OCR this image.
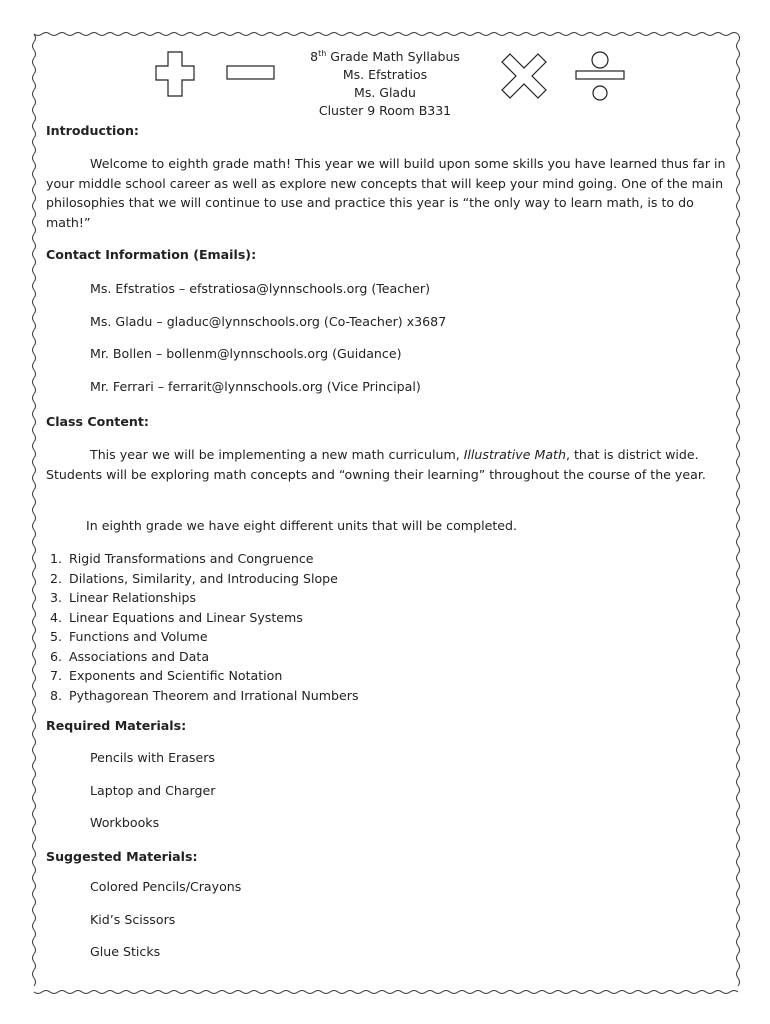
8th Grade Math Syllabus
Ms. Efstratios
Ms. Gladu
Cluster 9 Room B331
Introduction:

Welcome to eighth grade math! This year we will build upon some skills you have learned thus far in your middle school career as well as explore new concepts that will keep your mind going. One of the main philosophies that we will continue to use and practice this year is “the only way to learn math, is to do math!”

Contact Information (Emails):
Ms. Efstratios – efstratiosa@lynnschools.org (Teacher)
Ms. Gladu – gladuc@lynnschools.org (Co-Teacher) x3687
Mr. Bollen – bollenm@lynnschools.org (Guidance)
Mr. Ferrari – ferrarit@lynnschools.org (Vice Principal)
Class Content:

This year we will be implementing a new math curriculum, Illustrative Math, that is district wide. Students will be exploring math concepts and “owning their learning” throughout the course of the year.

In eighth grade we have eight different units that will be completed.

1. Rigid Transformations and Congruence
2. Dilations, Similarity, and Introducing Slope
3. Linear Relationships
4. Linear Equations and Linear Systems
5. Functions and Volume
6. Associations and Data
7. Exponents and Scientific Notation
8. Pythagorean Theorem and Irrational Numbers
Required Materials:
Pencils with Erasers
Laptop and Charger
Workbooks
Suggested Materials:
Colored Pencils/Crayons
Kid’s Scissors
Glue Sticks
